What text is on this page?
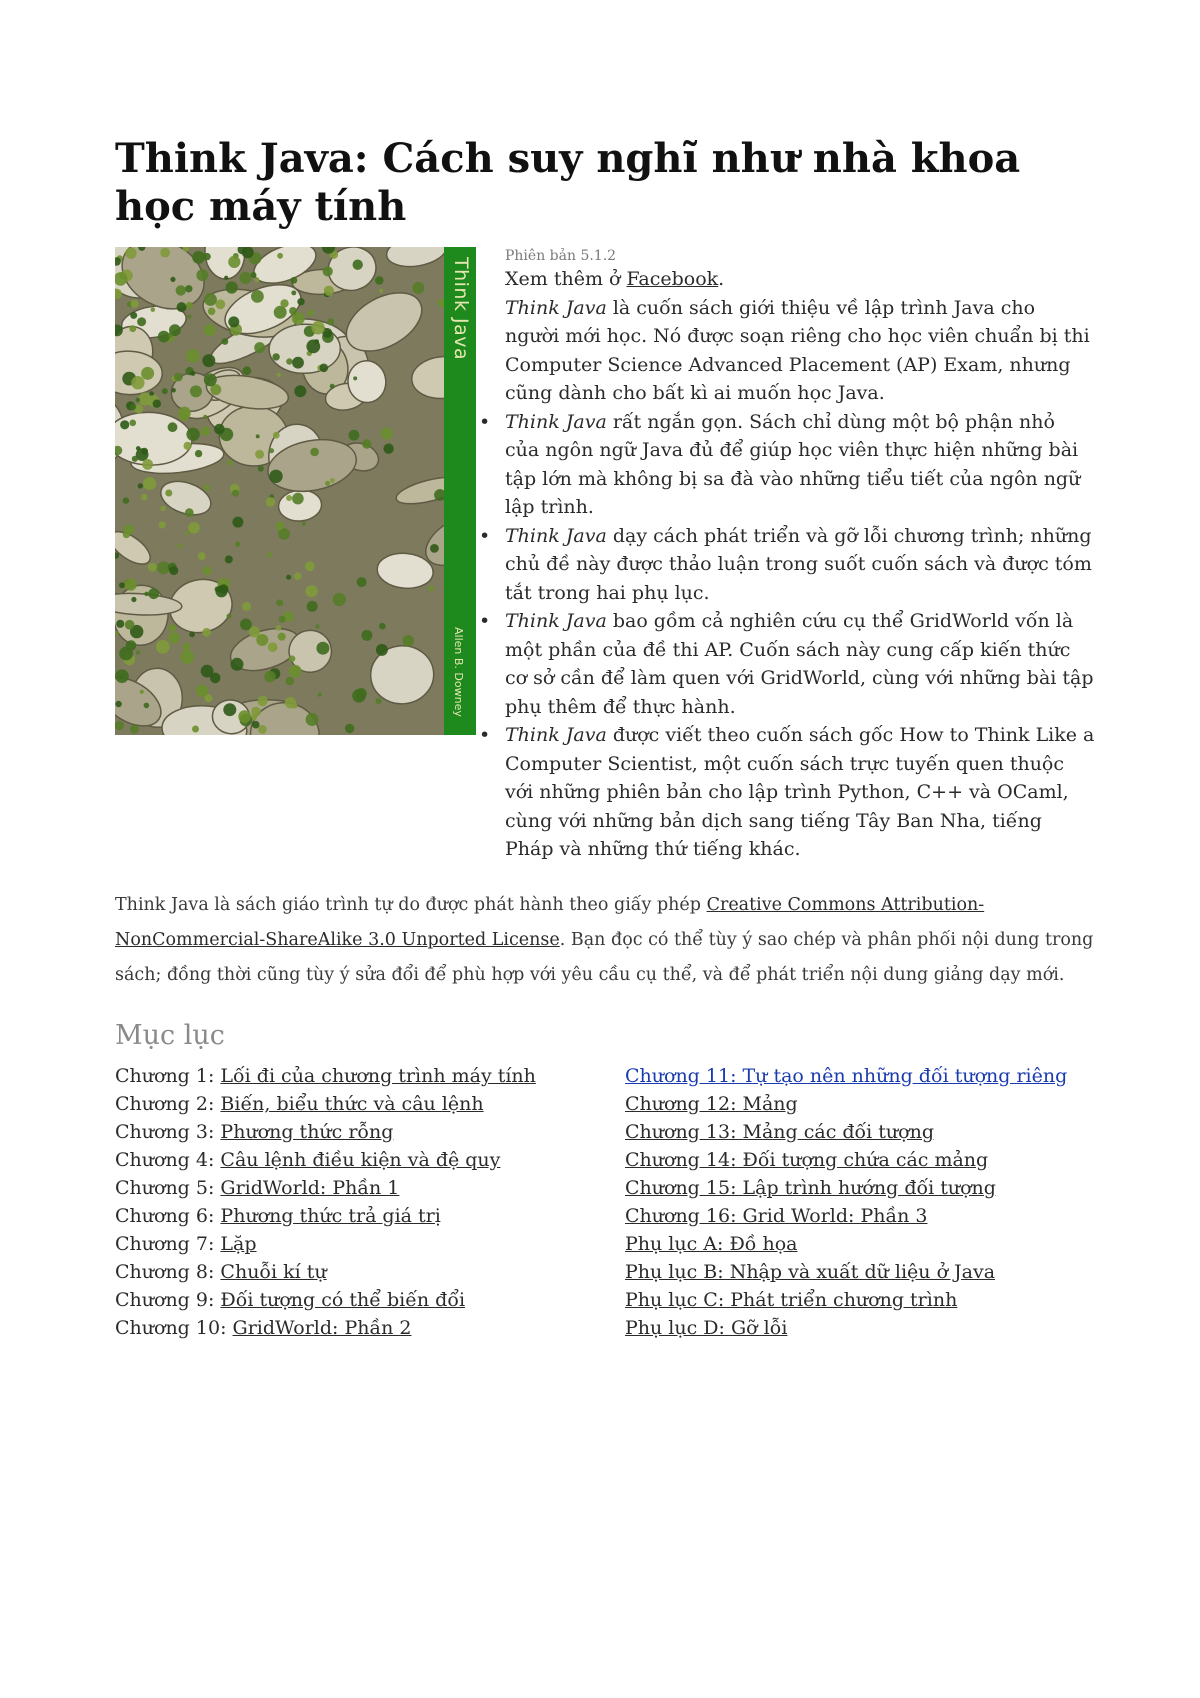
Think Java: Cách suy nghĩ như nhà khoa học máy tính
Think Java
Allen B. Downey

Phiên bản 5.1.2

Xem thêm ở Facebook.

Think Java là cuốn sách giới thiệu về lập trình Java cho người mới học. Nó được soạn riêng cho học viên chuẩn bị thi Computer Science Advanced Placement (AP) Exam, nhưng cũng dành cho bất kì ai muốn học Java.

• Think Java rất ngắn gọn. Sách chỉ dùng một bộ phận nhỏ của ngôn ngữ Java đủ để giúp học viên thực hiện những bài tập lớn mà không bị sa đà vào những tiểu tiết của ngôn ngữ lập trình.
• Think Java dạy cách phát triển và gỡ lỗi chương trình; những chủ đề này được thảo luận trong suốt cuốn sách và được tóm tắt trong hai phụ lục.
• Think Java bao gồm cả nghiên cứu cụ thể GridWorld vốn là một phần của đề thi AP. Cuốn sách này cung cấp kiến thức cơ sở cần để làm quen với GridWorld, cùng với những bài tập phụ thêm để thực hành.
• Think Java được viết theo cuốn sách gốc How to Think Like a Computer Scientist, một cuốn sách trực tuyến quen thuộc với những phiên bản cho lập trình Python, C++ và OCaml, cùng với những bản dịch sang tiếng Tây Ban Nha, tiếng Pháp và những thứ tiếng khác.

Think Java là sách giáo trình tự do được phát hành theo giấy phép Creative Commons Attribution-NonCommercial-ShareAlike 3.0 Unported License. Bạn đọc có thể tùy ý sao chép và phân phối nội dung trong sách; đồng thời cũng tùy ý sửa đổi để phù hợp với yêu cầu cụ thể, và để phát triển nội dung giảng dạy mới.

Mục lục
Chương 1: Lối đi của chương trình máy tính
Chương 2: Biến, biểu thức và câu lệnh
Chương 3: Phương thức rỗng
Chương 4: Câu lệnh điều kiện và đệ quy
Chương 5: GridWorld: Phần 1
Chương 6: Phương thức trả giá trị
Chương 7: Lặp
Chương 8: Chuỗi kí tự
Chương 9: Đối tượng có thể biến đổi
Chương 10: GridWorld: Phần 2
Chương 11: Tự tạo nên những đối tượng riêng
Chương 12: Mảng
Chương 13: Mảng các đối tượng
Chương 14: Đối tượng chứa các mảng
Chương 15: Lập trình hướng đối tượng
Chương 16: Grid World: Phần 3
Phụ lục A: Đồ họa
Phụ lục B: Nhập và xuất dữ liệu ở Java
Phụ lục C: Phát triển chương trình
Phụ lục D: Gỡ lỗi
